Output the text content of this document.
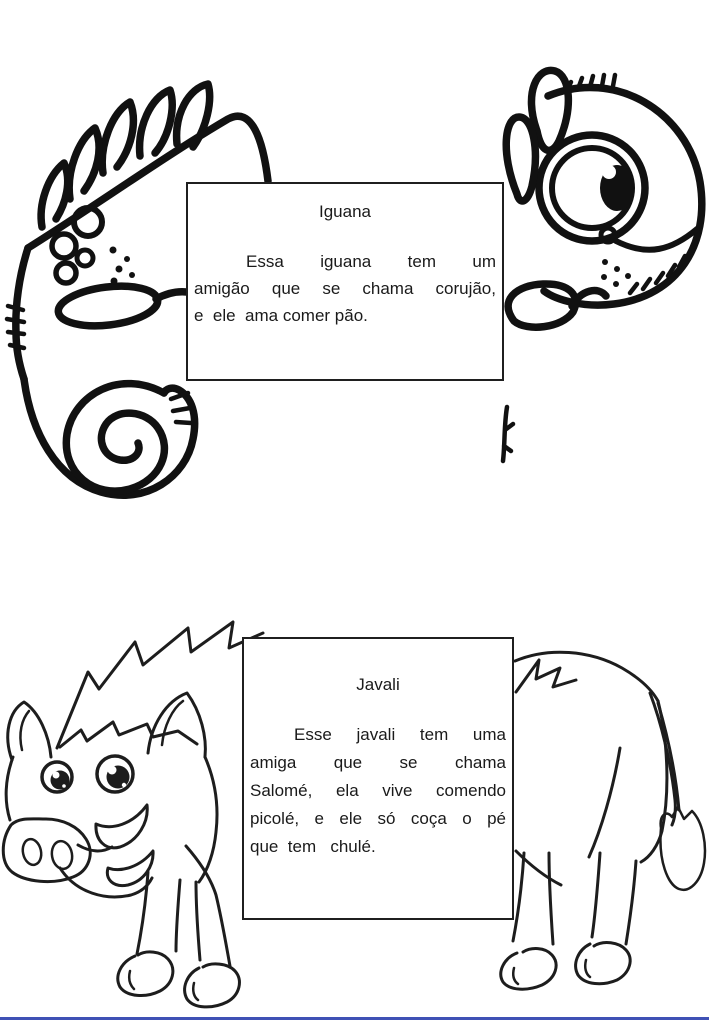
Iguana
Essa iguana tem um
amigão que se chama corujão,
e  ele  ama comer pão.
Javali
Esse javali tem uma
amiga que se chama
Salomé, ela vive comendo
picolé, e ele só coça o pé
que  tem   chulé.
